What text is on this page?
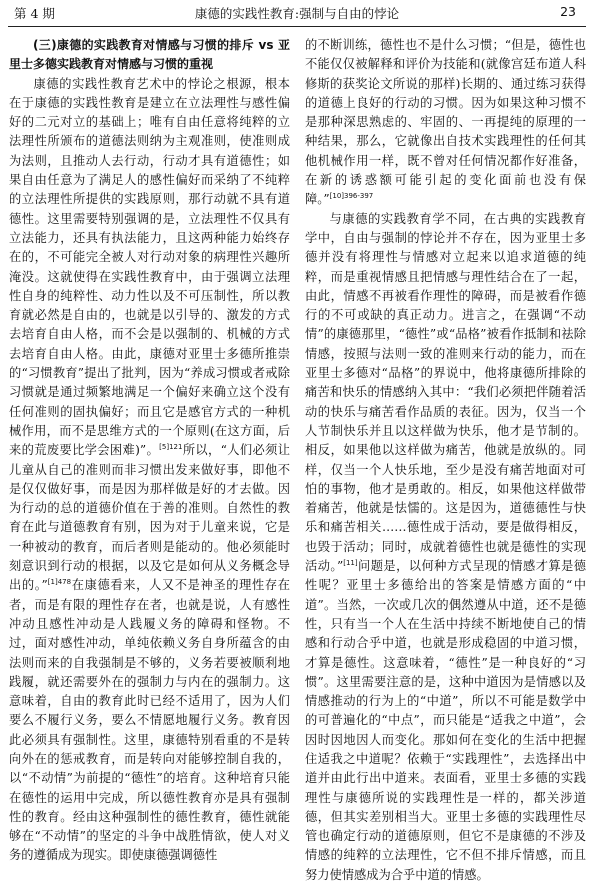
第 4 期	康德的实践性教育:强制与自由的悖论	23

(三)康德的实践教育对情感与习惯的排斥 vs 亚里士多德实践教育对情感与习惯的重视

康德的实践性教育艺术中的悖论之根源，根本在于康德的实践性教育是建立在立法理性与感性偏好的二元对立的基础上；唯有自由任意将纯粹的立法理性所颁布的道德法则纳为主观准则，使准则成为法则，且推动人去行动，行动才具有道德性；如果自由任意为了满足人的感性偏好而采纳了不纯粹的立法理性所提供的实践原则，那行动就不具有道德性。这里需要特别强调的是，立法理性不仅具有立法能力，还具有执法能力，且这两种能力始终存在的，不可能完全被人对行动对象的病理性兴趣所淹没。这就使得在实践性教育中，由于强调立法理性自身的纯粹性、动力性以及不可压制性，所以教育就必然是自由的，也就是以引导的、激发的方式去培育自由人格，而不会是以强制的、机械的方式去培育自由人格。由此，康德对亚里士多德所推崇的“习惯教育”提出了批判，因为“养成习惯或者戒除习惯就是通过频繁地满足一个偏好来确立这个没有任何准则的固执偏好；而且它是感官方式的一种机械作用，而不是思维方式的一个原则(在这方面，后来的荒废要比学会困难)”。$^{[5]121}$所以，“人们必须让儿童从自己的准则而非习惯出发来做好事，即他不是仅仅做好事，而是因为那样做是好的才去做。因为行动的总的道德价值在于善的准则。自然性的教育在此与道德教育有别，因为对于儿童来说，它是一种被动的教育，而后者则是能动的。他必须能时刻意识到行动的根据，以及它是如何从义务概念导出的。”$^{[1]478}$在康德看来，人又不是神圣的理性存在者，而是有限的理性存在者，也就是说，人有感性冲动且感性冲动是人践履义务的障碍和怪物。不过，面对感性冲动，单纯依赖义务自身所蕴含的由法则而来的自我强制是不够的，义务若要被顺利地践履，就还需要外在的强制力与内在的强制力。这意味着，自由的教育此时已经不适用了，因为人们要么不履行义务，要么不情愿地履行义务。教育因此必须具有强制性。这里，康德特别看重的不是转向外在的惩戒教育，而是转向对能够控制自我的，以“不动情”为前提的“德性”的培育。这种培育只能在德性的运用中完成，所以德性教育亦是具有强制性的教育。经由这种强制性的德性教育，德性就能够在“不动情”的坚定的斗争中战胜情欲，使人对义务的遵循成为现实。即使康德强调德性

的不断训练，德性也不是什么习惯；“但是，德性也不能仅仅被解释和评价为技能和(就像宫廷布道人科修斯的获奖论文所说的那样)长期的、通过练习获得的道德上良好的行动的习惯。因为如果这种习惯不是那种深思熟虑的、牢固的、一再提纯的原理的一种结果，那么，它就像出自技术实践理性的任何其他机械作用一样，既不曾对任何情况都作好准备，在新的诱惑额可能引起的变化面前也没有保障。”$^{[10]396-397}$

与康德的实践教育学不同，在古典的实践教育学中，自由与强制的悖论并不存在，因为亚里士多德并没有将理性与情感对立起来以追求道德的纯粹，而是重视情感且把情感与理性结合在了一起，由此，情感不再被看作理性的障碍，而是被看作德行的不可或缺的真正动力。进言之，在强调“不动情”的康德那里，“德性”或“品格”被看作抵制和祛除情感，按照与法则一致的准则来行动的能力，而在亚里士多德对“品格”的界说中，他将康德所排除的痛苦和快乐的情感纳入其中：“我们必须把伴随着活动的快乐与痛苦看作品质的表征。因为，仅当一个人节制快乐并且以这样做为快乐，他才是节制的。相反，如果他以这样做为痛苦，他就是放纵的。同样，仅当一个人快乐地，至少是没有痛苦地面对可怕的事物，他才是勇敢的。相反，如果他这样做带着痛苦，他就是怯懦的。这是因为，道德德性与快乐和痛苦相关……德性成于活动，要是做得相反，也毁于活动；同时，成就着德性也就是德性的实现活动。”[11]问题是，以何种方式呈现的情感才算是德性呢？亚里士多德给出的答案是情感方面的“中道”。当然，一次或几次的偶然遵从中道，还不是德性，只有当一个人在生活中持续不断地使自己的情感和行动合乎中道，也就是形成稳固的中道习惯，才算是德性。这意味着，“德性”是一种良好的“习惯”。这里需要注意的是，这种中道因为是情感以及情感推动的行为上的“中道”，所以不可能是数学中的可普遍化的“中点”，而只能是“适我之中道”，会因时因地因人而变化。那如何在变化的生活中把握住适我之中道呢？依赖于“实践理性”，去选择出中道并由此行出中道来。表面看，亚里士多德的实践理性与康德所说的实践理性是一样的，都关涉道德，但其实差别相当大。亚里士多德的实践理性尽管也确定行动的道德原则，但它不是康德的不涉及情感的纯粹的立法理性，它不但不排斥情感，而且努力使情感成为合乎中道的情感。
